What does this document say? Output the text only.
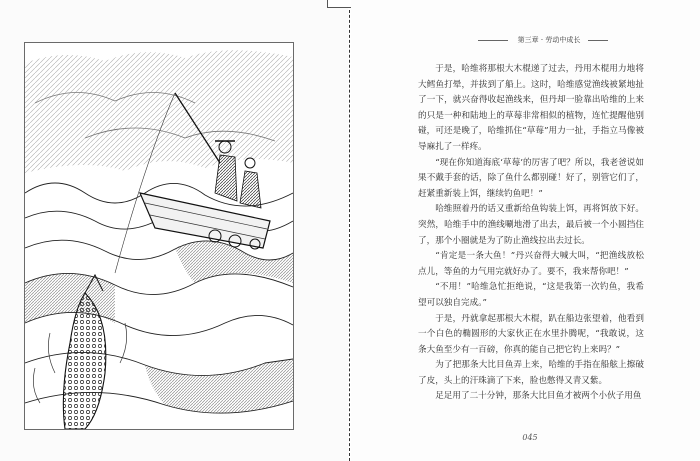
第三章 · 劳动中成长

于是，哈维将那根大木棍递了过去，丹用木棍用力地将大鳕鱼打晕，并拔到了船上。这时，哈维感觉渔线被紧地扯了一下，就兴奋得收起渔线来，但丹却一脸靠出哈维的上来的只是一种和陆地上的草莓非常相似的植物，连忙提醒他别碰，可还是晚了，哈维抓住“草莓”用力一扯，手指立马像被导麻扎了一样疼。

“现在你知道海底‘草莓’的厉害了吧？所以，我老爸说如果不戴手套的话，除了鱼什么都别碰！好了，别管它们了，赶紧重新装上饵，继续钓鱼吧！”

哈维照着丹的话又重新给鱼钩装上饵，再将饵放下好。突然，哈维手中的渔线唰地滑了出去，最后被一个小圆挡住了，那个小圈就是为了防止渔线拉出去过长。

“肯定是一条大鱼！”丹兴奋得大喊大叫，“把渔线放松点儿，等鱼的力气用完就好办了。要不，我来帮你吧！”

“不用！”哈维急忙拒绝说，“这是我第一次钓鱼，我希望可以独自完成。”

于是，丹就拿起那根大木棍，趴在船边张望着，他看到一个白色的椭圆形的大家伙正在水里扑腾呢，“我敢说，这条大鱼至少有一百磅，你真的能自己把它钓上来吗？”

为了把那条大比目鱼弄上来，哈维的手指在船舷上擦破了皮，头上的汗珠滴了下来，脸也憋得又青又紫。

足足用了二十分钟，那条大比目鱼才被两个小伙子用鱼

045
